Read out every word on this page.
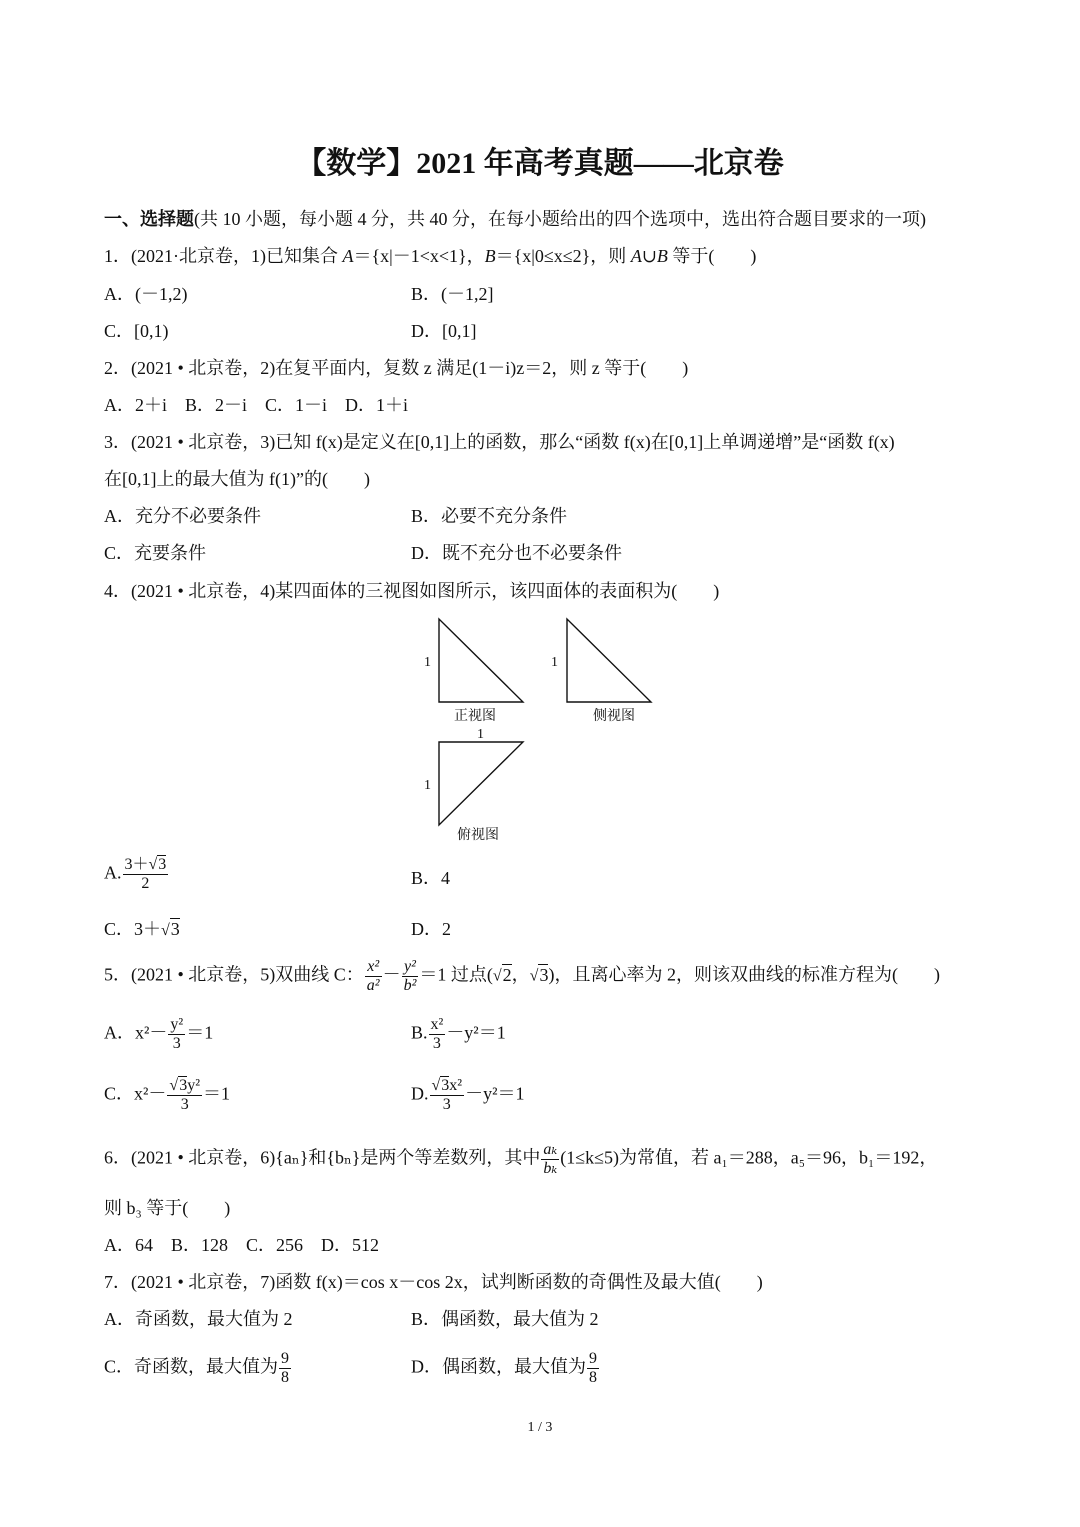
【数学】2021 年高考真题——北京卷
一、选择题(共 10 小题，每小题 4 分，共 40 分，在每小题给出的四个选项中，选出符合题目要求的一项)
1．(2021·北京卷，1)已知集合 A＝{x|－1<x<1}，B＝{x|0≤x≤2}，则 A∪B 等于(　　)
A．(－1,2)	B．(－1,2]
C．[0,1)	D．[0,1]
2．(2021 • 北京卷，2)在复平面内，复数 z 满足(1－i)z＝2，则 z 等于(　　)
A．2＋i　B．2－i　C．1－i　D．1＋i
3．(2021 • 北京卷，3)已知 f(x)是定义在[0,1]上的函数，那么“函数 f(x)在[0,1]上单调递增”是“函数 f(x)
在[0,1]上的最大值为 f(1)”的(　　)
A．充分不必要条件	B．必要不充分条件
C．充要条件	D．既不充分也不必要条件
4．(2021 • 北京卷，4)某四面体的三视图如图所示，该四面体的表面积为(　　)
1	1
1
1
正视图	侧视图
俯视图
A. $\frac{3+√3}{2}$	B．4
C．3＋√3	D．2
5．(2021 • 北京卷，5)双曲线 C： $\frac{\text{x²}}{\text{a²}} - \frac{\text{y²}}{\text{b²}} =1$ 过点(√2，√3)，且离心率为 2，则该双曲线的标准方程为(　　)
A．$x^2- \frac{\text{y²}}{3} =1$	B. $\frac{\text{x²}}{3} -y^2=1$
C．$x^2- \frac{\text{√3y²}}{3} =1$	D. $\frac{\text{√3x²}}{3} -y^2=1$
6．(2021 • 北京卷，6){aₙ}和{bₙ}是两个等差数列，其中 $\frac{\text{aₖ}}{\text{bₖ}} (1\le k\le 5)$为常值，若 a₁＝288，a₅＝96，b₁＝192，
则 b₃ 等于(　　)
A．64　B．128　C．256　D．512
7．(2021 • 北京卷，7)函数 f(x)＝cos x－cos 2x，试判断函数的奇偶性及最大值(　　)
A．奇函数，最大值为 2	B．偶函数，最大值为 2
C．奇函数，最大值为 $\frac{9}{8}$	D．偶函数，最大值为 $\frac{9}{8}$
1 / 3
